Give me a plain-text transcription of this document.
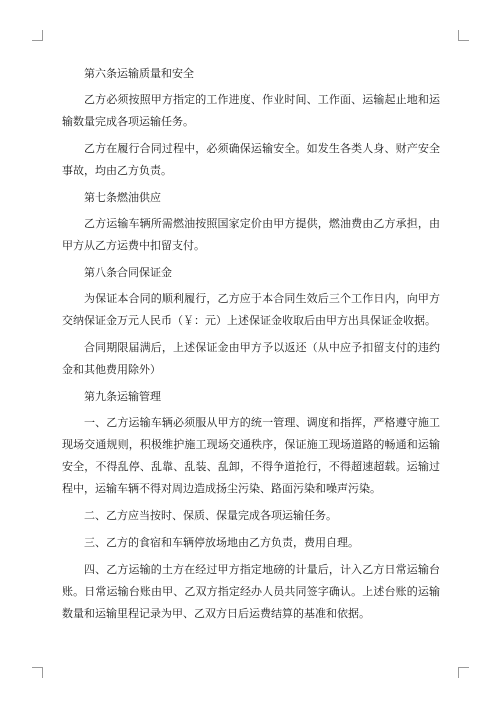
第六条运输质量和安全

乙方必须按照甲方指定的工作进度、作业时间、工作面、运输起止地和运输数量完成各项运输任务。

乙方在履行合同过程中，必须确保运输安全。如发生各类人身、财产安全事故，均由乙方负责。

第七条燃油供应

乙方运输车辆所需燃油按照国家定价由甲方提供，燃油费由乙方承担，由甲方从乙方运费中扣留支付。

第八条合同保证金

为保证本合同的顺利履行，乙方应于本合同生效后三个工作日内，向甲方交纳保证金万元人民币（￥：元）上述保证金收取后由甲方出具保证金收据。

合同期限届满后，上述保证金由甲方予以返还（从中应予扣留支付的违约金和其他费用除外）

第九条运输管理

一、乙方运输车辆必须服从甲方的统一管理、调度和指挥，严格遵守施工现场交通规则，积极维护施工现场交通秩序，保证施工现场道路的畅通和运输安全，不得乱停、乱靠、乱装、乱卸，不得争道抢行，不得超速超载。运输过程中，运输车辆不得对周边造成扬尘污染、路面污染和噪声污染。

二、乙方应当按时、保质、保量完成各项运输任务。

三、乙方的食宿和车辆停放场地由乙方负责，费用自理。

四、乙方运输的土方在经过甲方指定地磅的计量后，计入乙方日常运输台账。日常运输台账由甲、乙双方指定经办人员共同签字确认。上述台账的运输数量和运输里程记录为甲、乙双方日后运费结算的基准和依据。
